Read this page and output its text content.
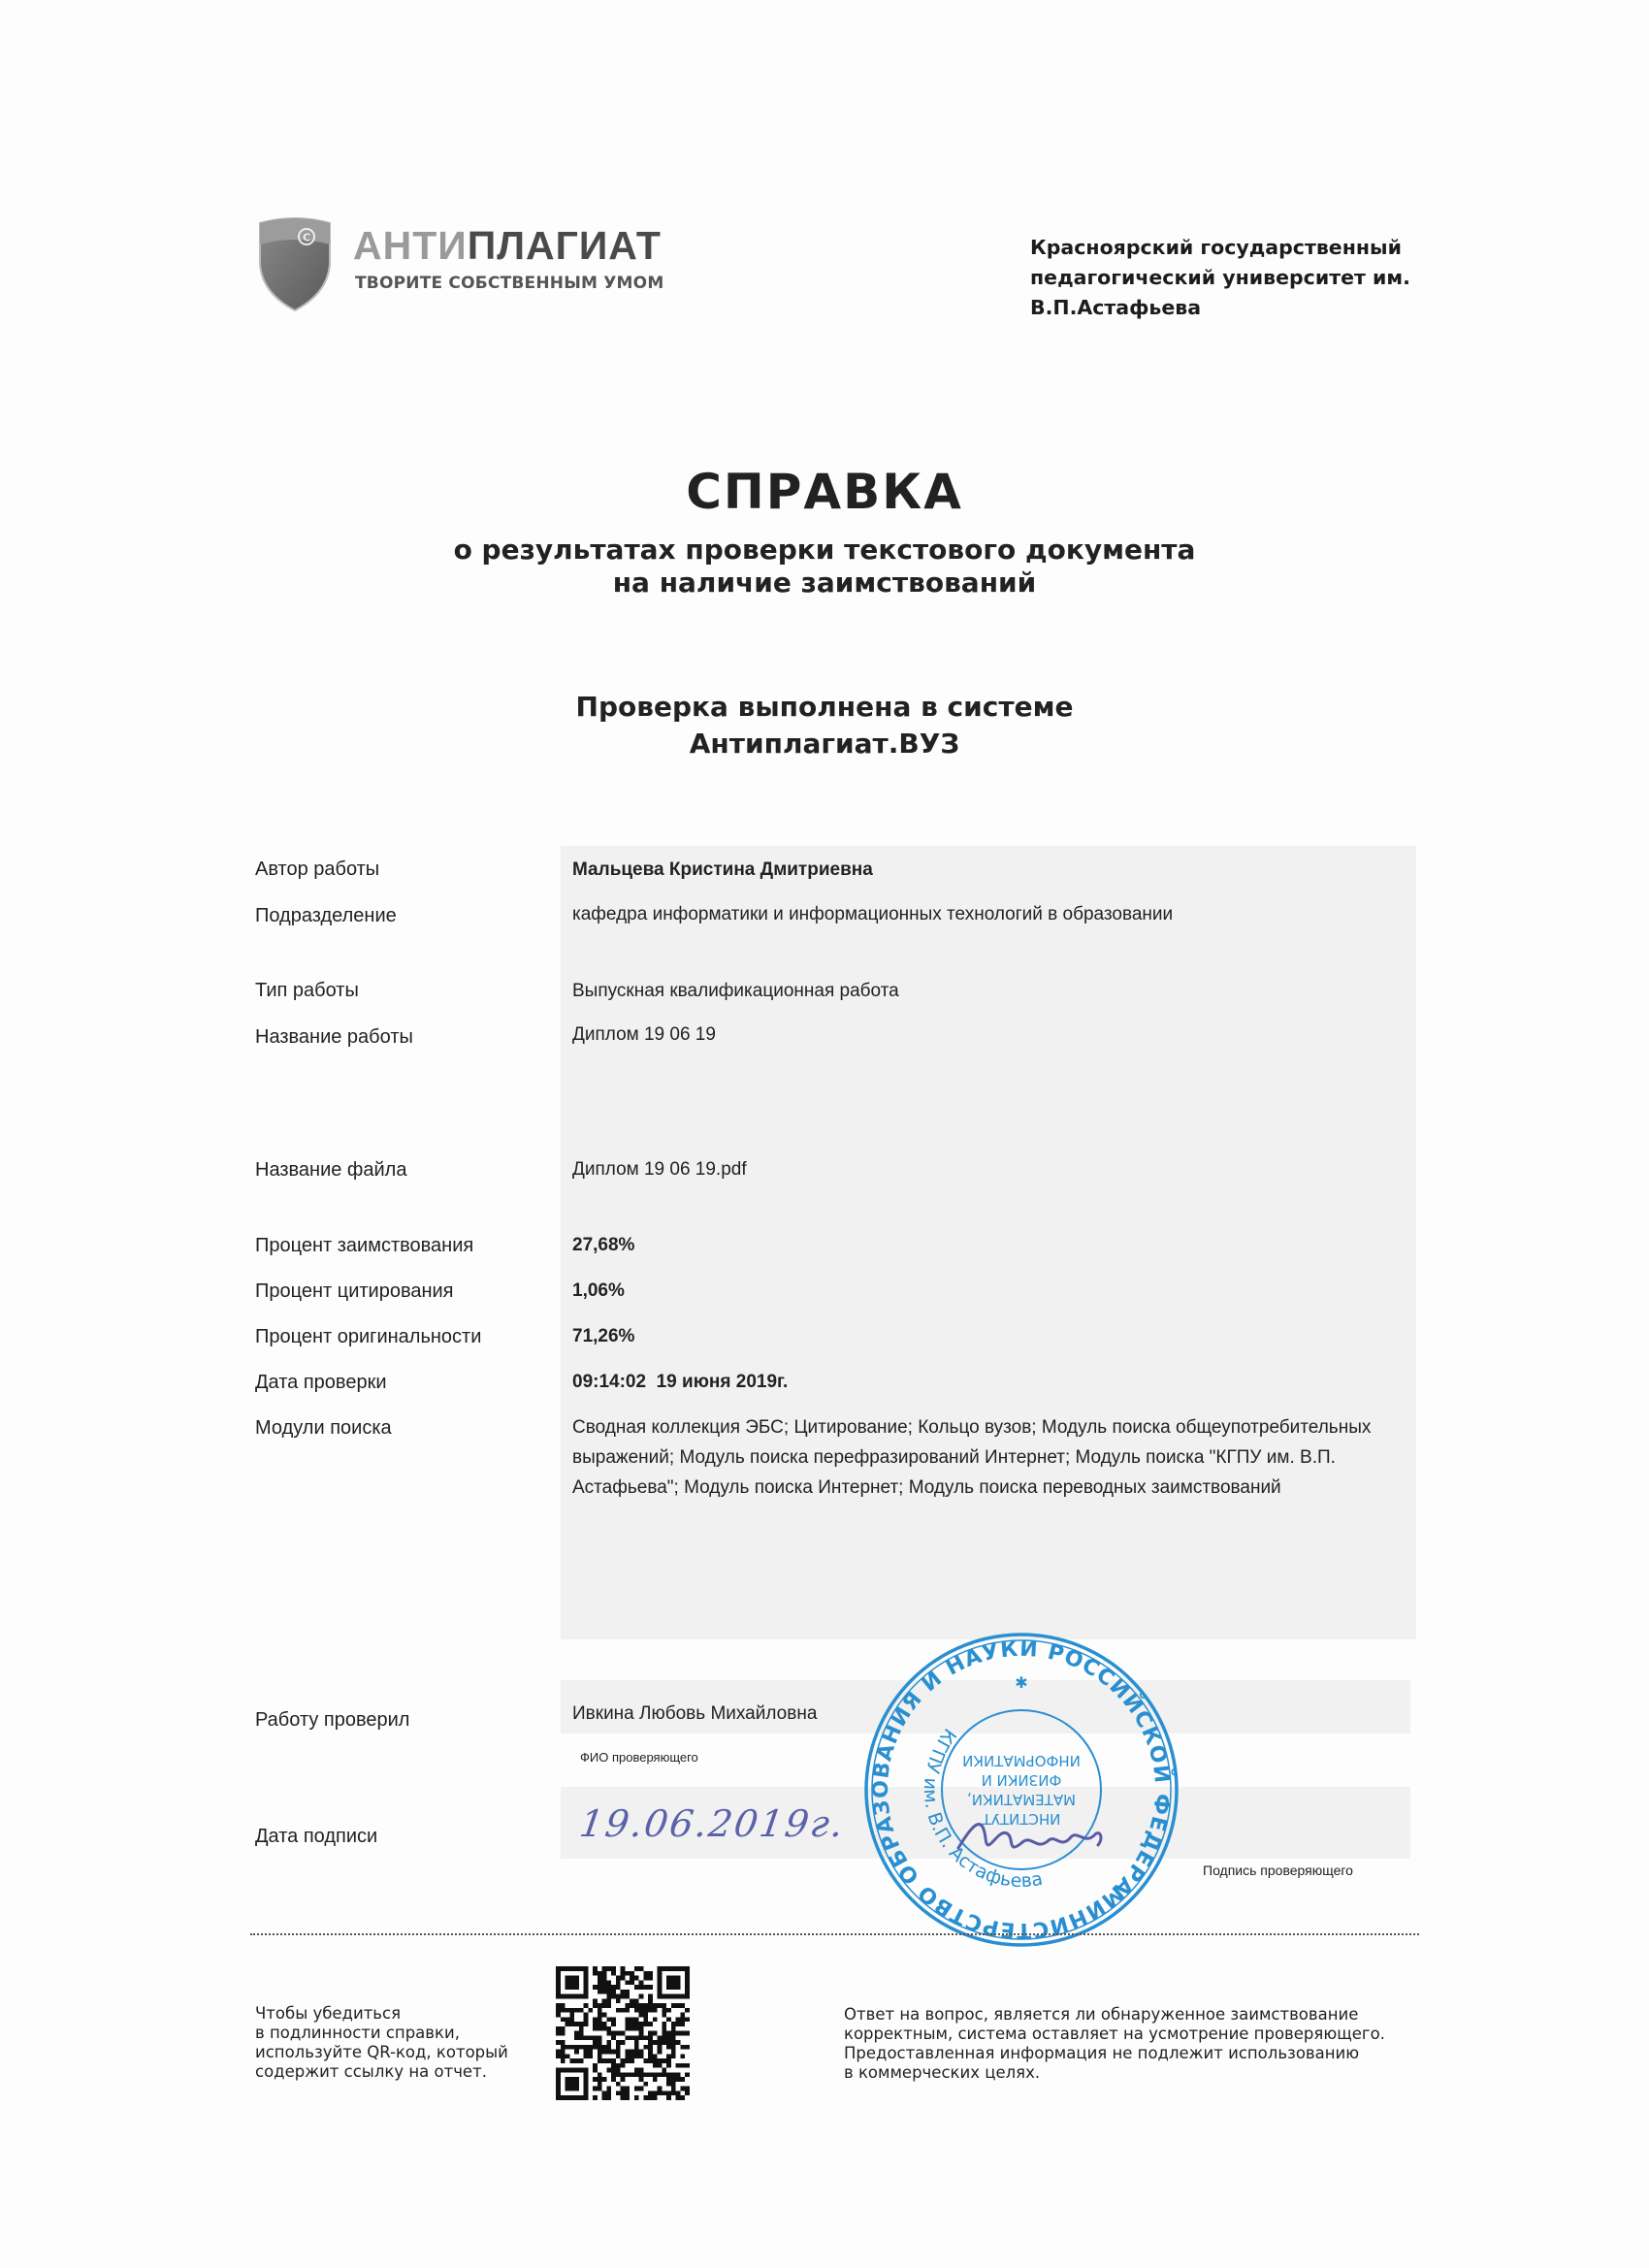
C АНТИПЛАГИАТ
ТВОРИТЕ СОБСТВЕННЫМ УМОМ
Красноярский государственный
педагогический университет им.
В.П.Астафьева
СПРАВКА
о результатах проверки текстового документа
на наличие заимствований
Проверка выполнена в системе
Антиплагиат.ВУЗ
Автор работы	Мальцева Кристина Дмитриевна
Подразделение	кафедра информатики и информационных технологий в образовании
Тип работы	Выпускная квалификационная работа
Название работы	Диплом 19 06 19
Название файла	Диплом 19 06 19.pdf
Процент заимствования	27,68%
Процент цитирования	1,06%
Процент оригинальности	71,26%
Дата проверки	09:14:02  19 июня 2019г.
Модули поиска	Сводная коллекция ЭБС; Цитирование; Кольцо вузов; Модуль поиска общеупотребительных выражений; Модуль поиска перефразирований Интернет; Модуль поиска "КГПУ им. В.П. Астафьева"; Модуль поиска Интернет; Модуль поиска переводных заимствований
Работу проверил	Ивкина Любовь Михайловна
ФИО проверяющего
Дата подписи	19.06.2019г.
МИНИСТЕРСТВО ОБРАЗОВАНИЯ И НАУКИ РОССИЙСКОЙ ФЕДЕРАЦИИ
КГПУ им. В.П. Астафьева
✱
ИНСТИТУТ
МАТЕМАТИКИ,
ФИЗИКИ И
ИНФОРМАТИКИ
Подпись проверяющего
Чтобы убедиться
в подлинности справки,
используйте QR-код, который
содержит ссылку на отчет.
Ответ на вопрос, является ли обнаруженное заимствование
корректным, система оставляет на усмотрение проверяющего.
Предоставленная информация не подлежит использованию
в коммерческих целях.
